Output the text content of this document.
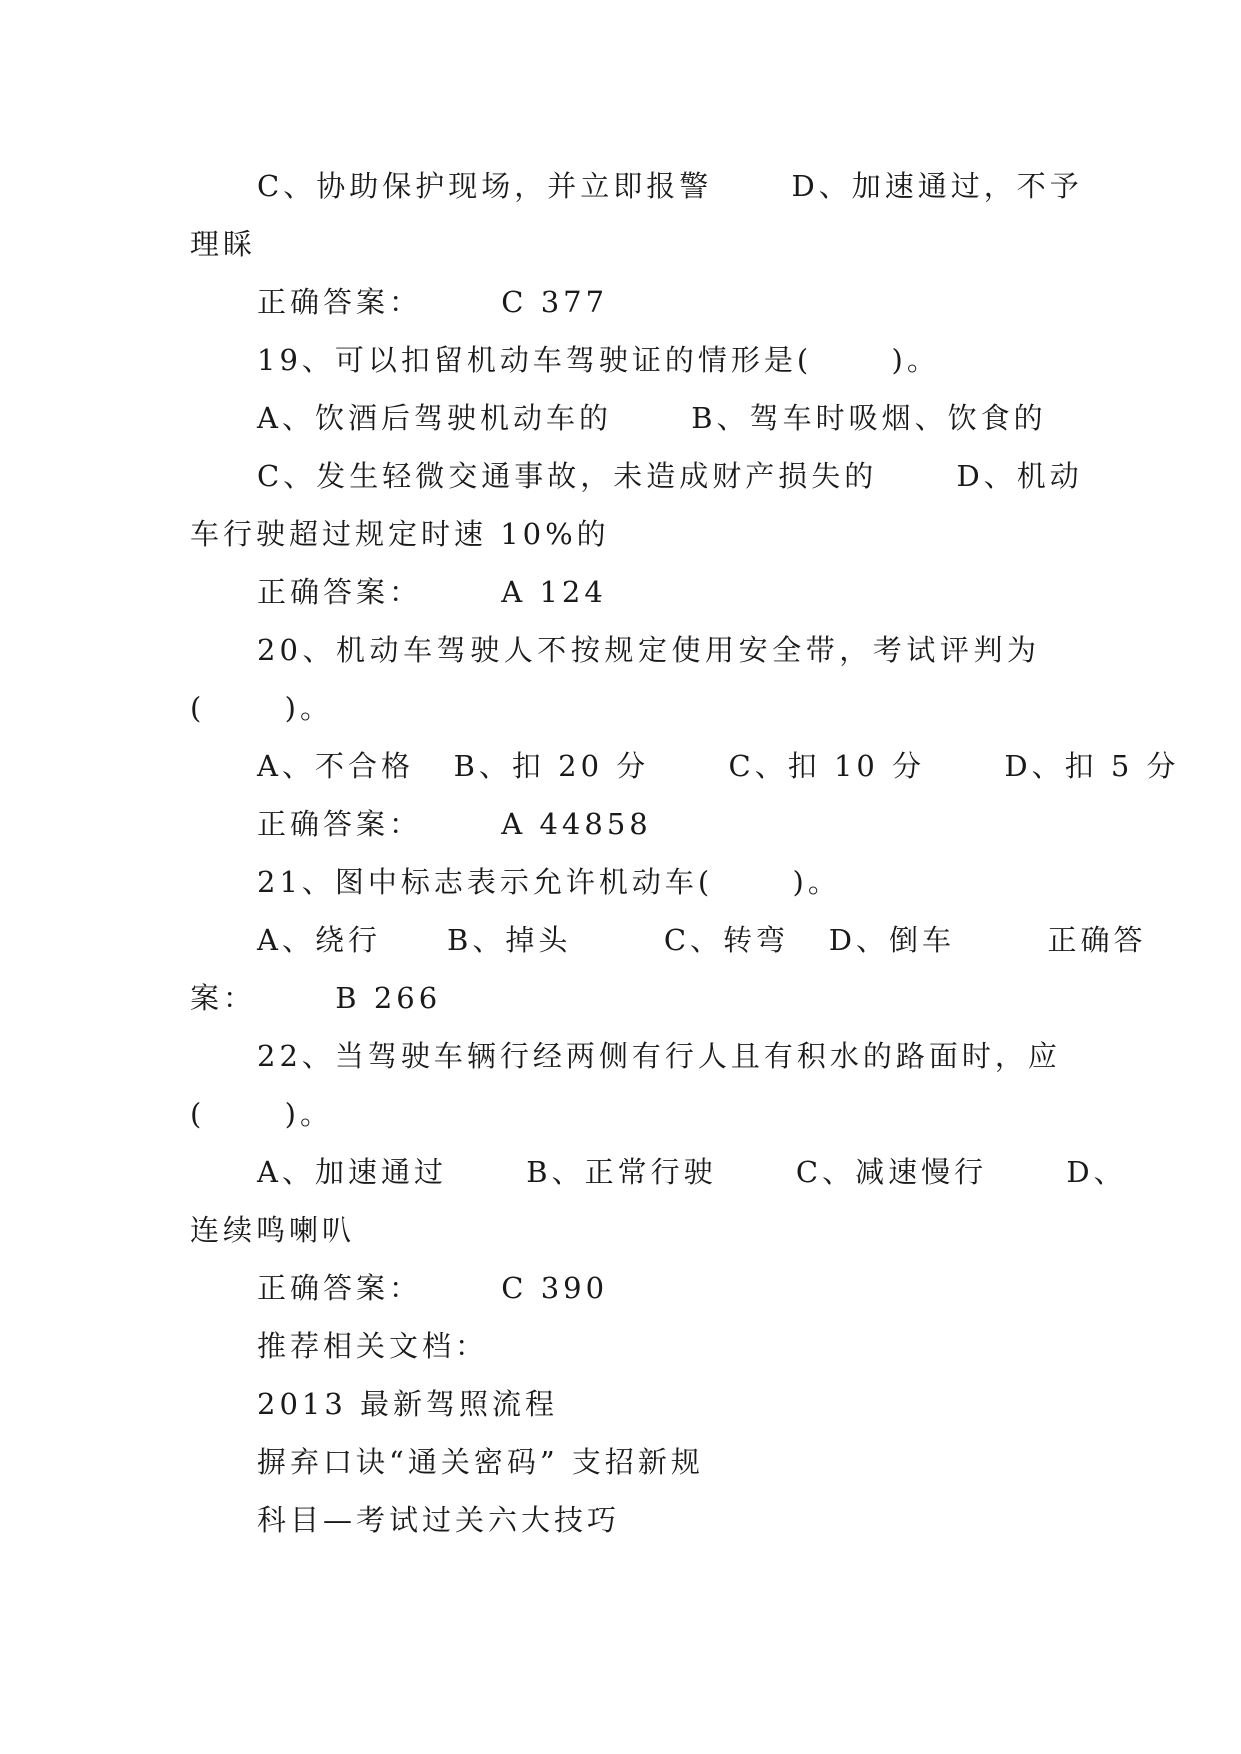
C、协助保护现场，并立即报警      D、加速通过，不予
理睬
正确答案：      C 377
19、可以扣留机动车驾驶证的情形是(      )。
A、饮酒后驾驶机动车的      B、驾车时吸烟、饮食的
C、发生轻微交通事故，未造成财产损失的      D、机动
车行驶超过规定时速 10%的
正确答案：      A 124
20、机动车驾驶人不按规定使用安全带，考试评判为
(      )。
A、不合格   B、扣 20 分      C、扣 10 分      D、扣 5 分
正确答案：      A 44858
21、图中标志表示允许机动车(      )。
A、绕行     B、掉头       C、转弯   D、倒车       正确答
案：      B 266
22、当驾驶车辆行经两侧有行人且有积水的路面时，应
(      )。
A、加速通过      B、正常行驶      C、减速慢行      D、
连续鸣喇叭
正确答案：      C 390
推荐相关文档：
2013 最新驾照流程
摒弃口诀“通关密码” 支招新规
科目—考试过关六大技巧
